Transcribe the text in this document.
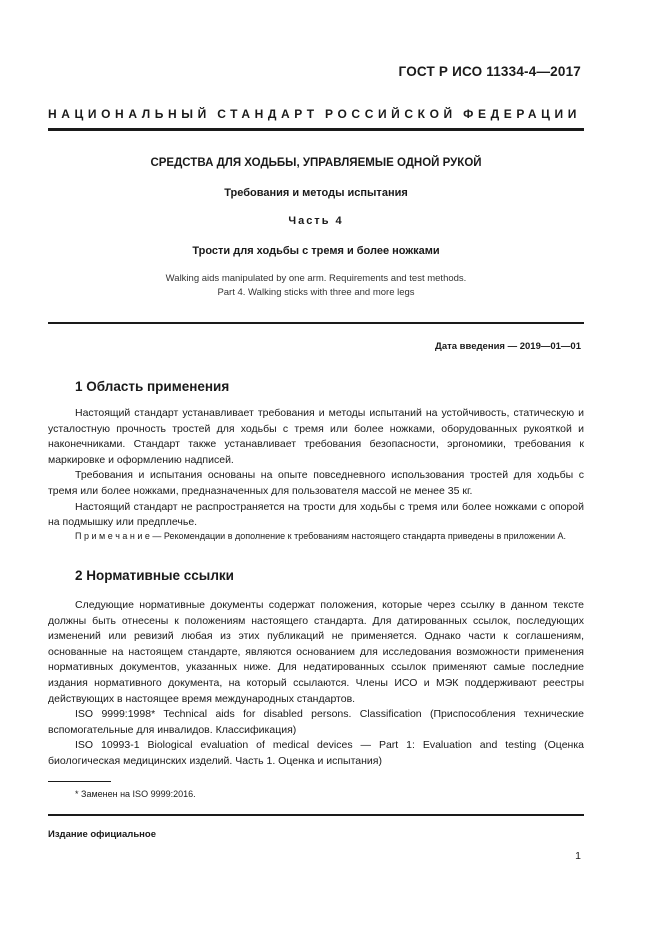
ГОСТ Р ИСО 11334-4—2017
НАЦИОНАЛЬНЫЙ СТАНДАРТ РОССИЙСКОЙ ФЕДЕРАЦИИ
СРЕДСТВА ДЛЯ ХОДЬБЫ, УПРАВЛЯЕМЫЕ ОДНОЙ РУКОЙ
Требования и методы испытания
Часть 4
Трости для ходьбы с тремя и более ножками
Walking aids manipulated by one arm. Requirements and test methods.
Part 4. Walking sticks with three and more legs
Дата введения — 2019—01—01
1 Область применения

Настоящий стандарт устанавливает требования и методы испытаний на устойчивость, статическую и усталостную прочность тростей для ходьбы с тремя или более ножками, оборудованных рукояткой и наконечниками. Стандарт также устанавливает требования безопасности, эргономики, требования к маркировке и оформлению надписей.

Требования и испытания основаны на опыте повседневного использования тростей для ходьбы с тремя или более ножками, предназначенных для пользователя массой не менее 35 кг.

Настоящий стандарт не распространяется на трости для ходьбы с тремя или более ножками с опорой на подмышку или предплечье.

П р и м е ч а н и е — Рекомендации в дополнение к требованиям настоящего стандарта приведены в приложении А.
2 Нормативные ссылки

Следующие нормативные документы содержат положения, которые через ссылку в данном тексте должны быть отнесены к положениям настоящего стандарта. Для датированных ссылок, последующих изменений или ревизий любая из этих публикаций не применяется. Однако части к соглашениям, основанные на настоящем стандарте, являются основанием для исследования возможности применения нормативных документов, указанных ниже. Для недатированных ссылок применяют самые последние издания нормативного документа, на который ссылаются. Члены ИСО и МЭК поддерживают реестры действующих в настоящее время международных стандартов.

ISO 9999:1998* Technical aids for disabled persons. Classification (Приспособления технические вспомогательные для инвалидов. Классификация)

ISO 10993-1 Biological evaluation of medical devices — Part 1: Evaluation and testing (Оценка биологическая медицинских изделий. Часть 1. Оценка и испытания)

* Заменен на ISO 9999:2016.
Издание официальное
1
